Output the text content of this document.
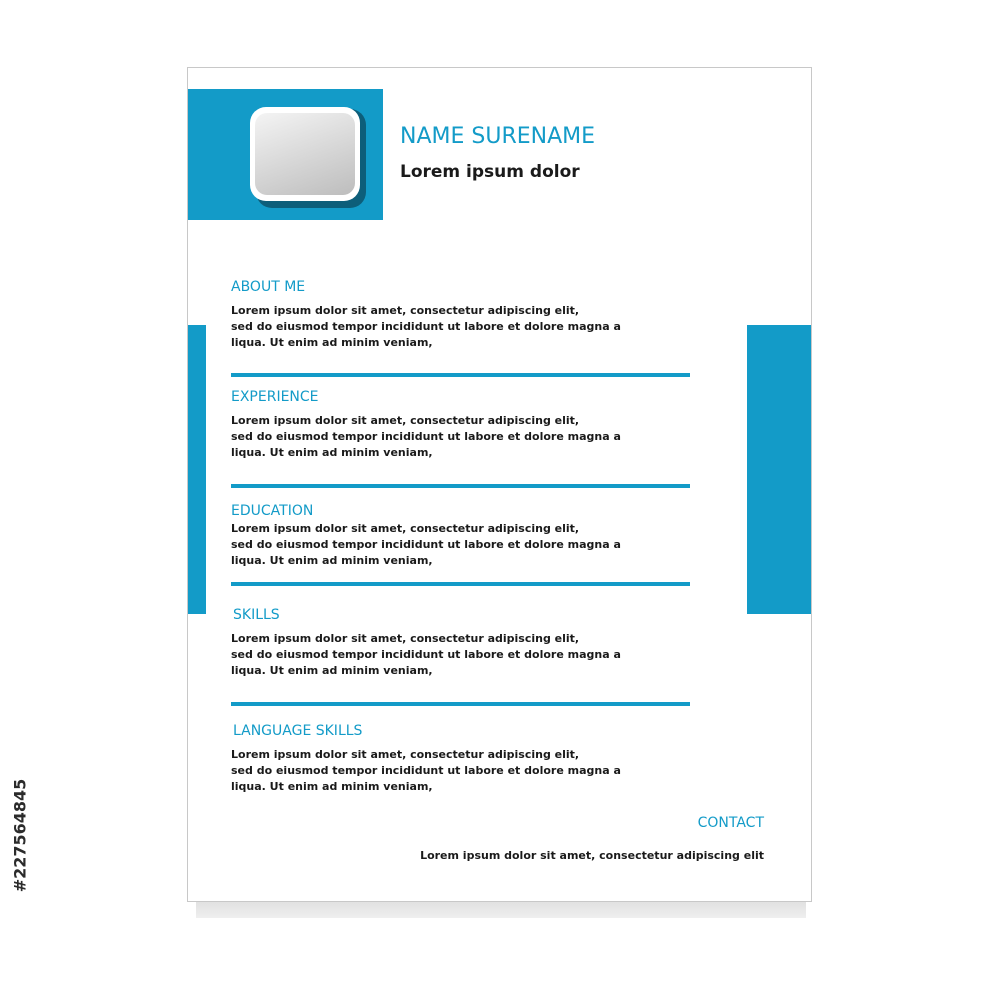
NAME SURENAME

Lorem ipsum dolor

ABOUT ME

Lorem ipsum dolor sit amet, consectetur adipiscing elit,
sed do eiusmod tempor incididunt ut labore et dolore magna a
liqua. Ut enim ad minim veniam,

EXPERIENCE

Lorem ipsum dolor sit amet, consectetur adipiscing elit,
sed do eiusmod tempor incididunt ut labore et dolore magna a
liqua. Ut enim ad minim veniam,

EDUCATION

Lorem ipsum dolor sit amet, consectetur adipiscing elit,
sed do eiusmod tempor incididunt ut labore et dolore magna a
liqua. Ut enim ad minim veniam,

SKILLS

Lorem ipsum dolor sit amet, consectetur adipiscing elit,
sed do eiusmod tempor incididunt ut labore et dolore magna a
liqua. Ut enim ad minim veniam,

LANGUAGE SKILLS

Lorem ipsum dolor sit amet, consectetur adipiscing elit,
sed do eiusmod tempor incididunt ut labore et dolore magna a
liqua. Ut enim ad minim veniam,

CONTACT

Lorem ipsum dolor sit amet, consectetur adipiscing elit

#227564845
